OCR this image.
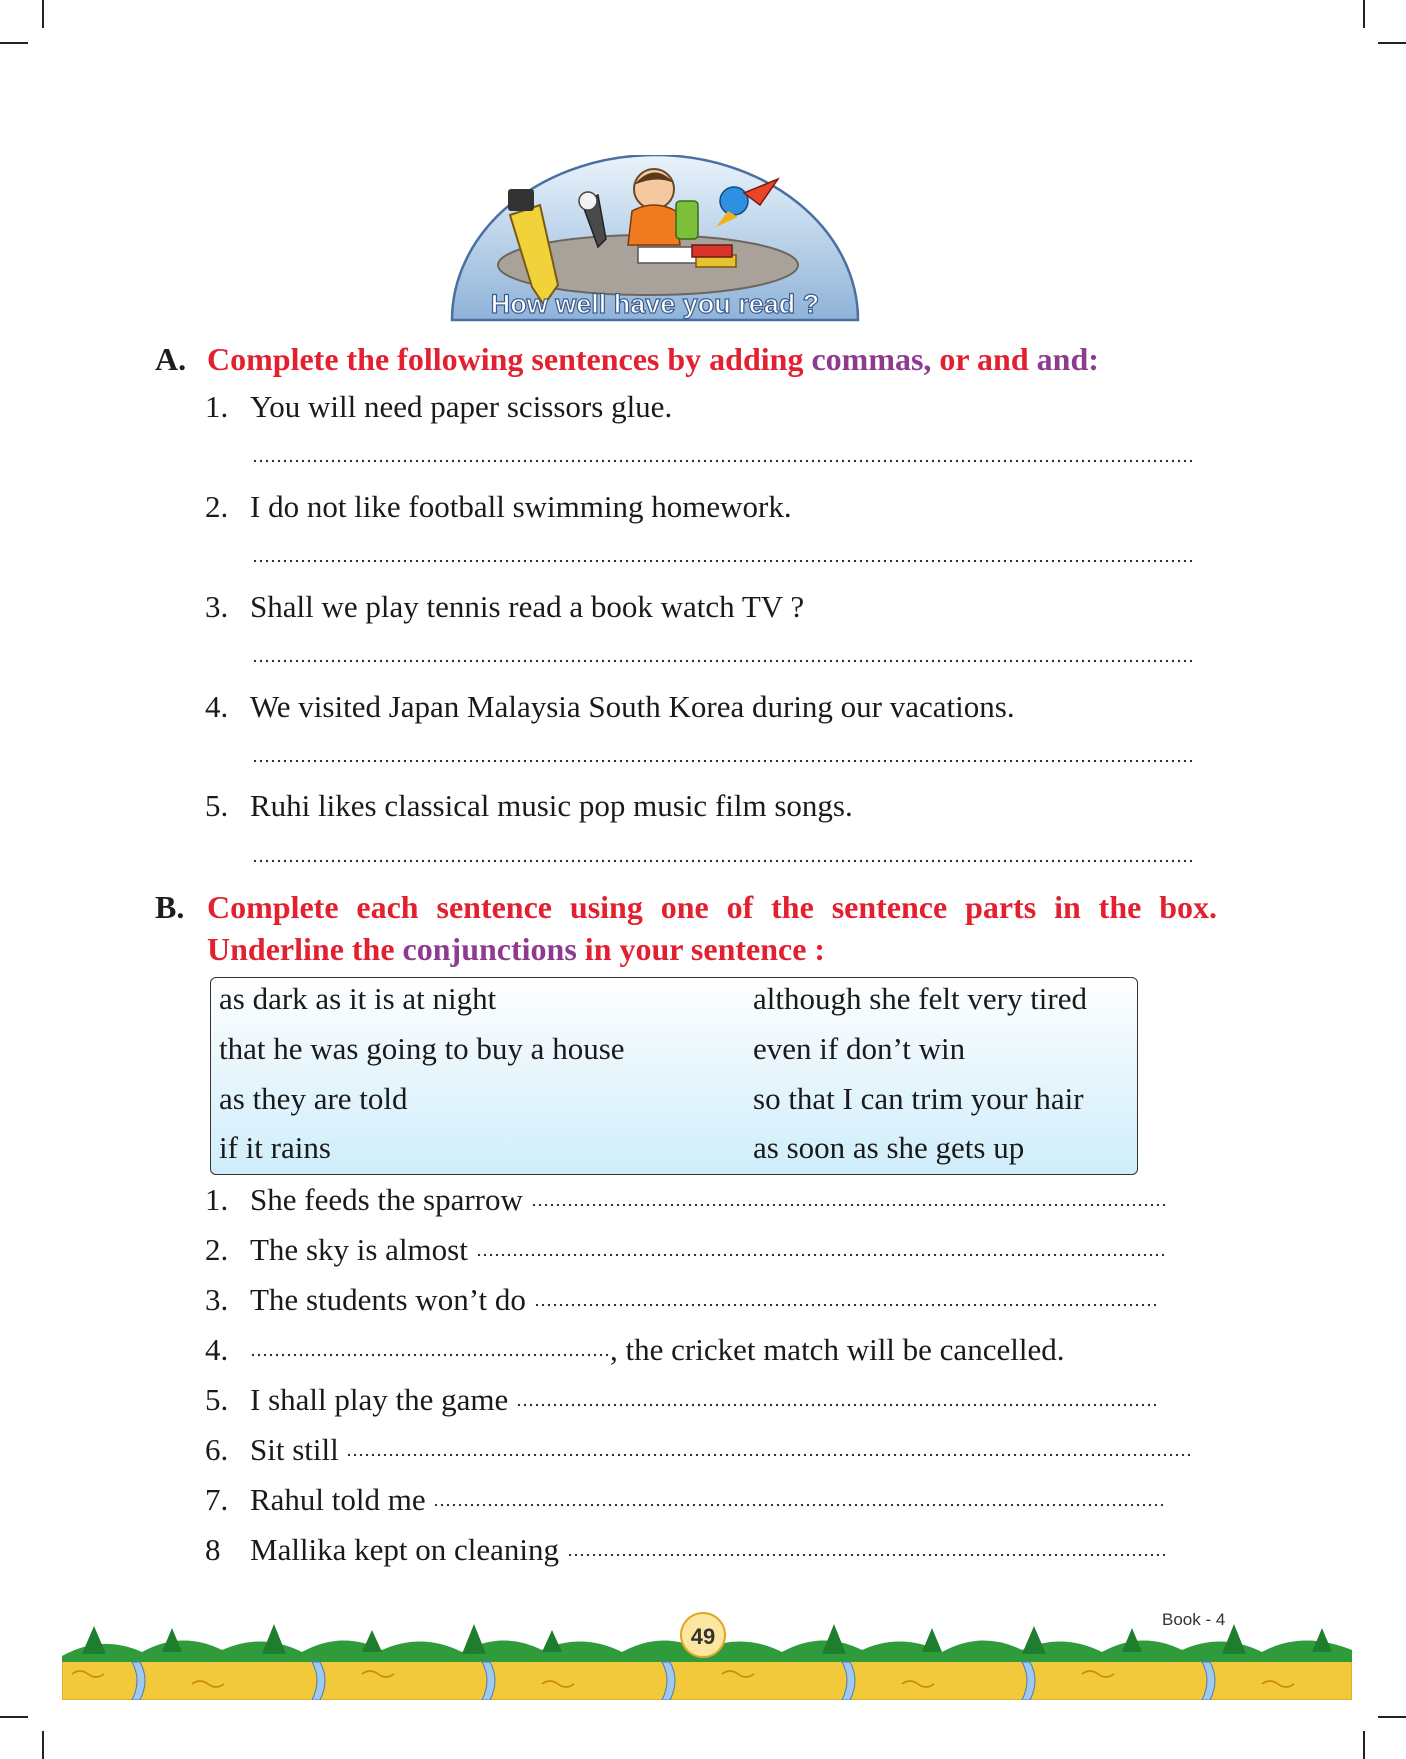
How well have you read ?
A. Complete the following sentences by adding commas, or and and:
1. You will need paper scissors glue.
2. I do not like football swimming homework.
3. Shall we play tennis read a book watch TV ?
4. We visited Japan Malaysia South Korea during our vacations.
5. Ruhi likes classical music pop music film songs.
B. Complete each sentence using one of the sentence parts in the box.
Underline the conjunctions in your sentence :
as dark as it is at night	although she felt very tired
that he was going to buy a house	even if don’t win
as they are told	so that I can trim your hair
if it rains	as soon as she gets up
1. She feeds the sparrow
2. The sky is almost
3. The students won’t do
4.	, the cricket match will be cancelled.
5. I shall play the game
6. Sit still
7. Rahul told me
8 Mallika kept on cleaning
49
Book - 4
